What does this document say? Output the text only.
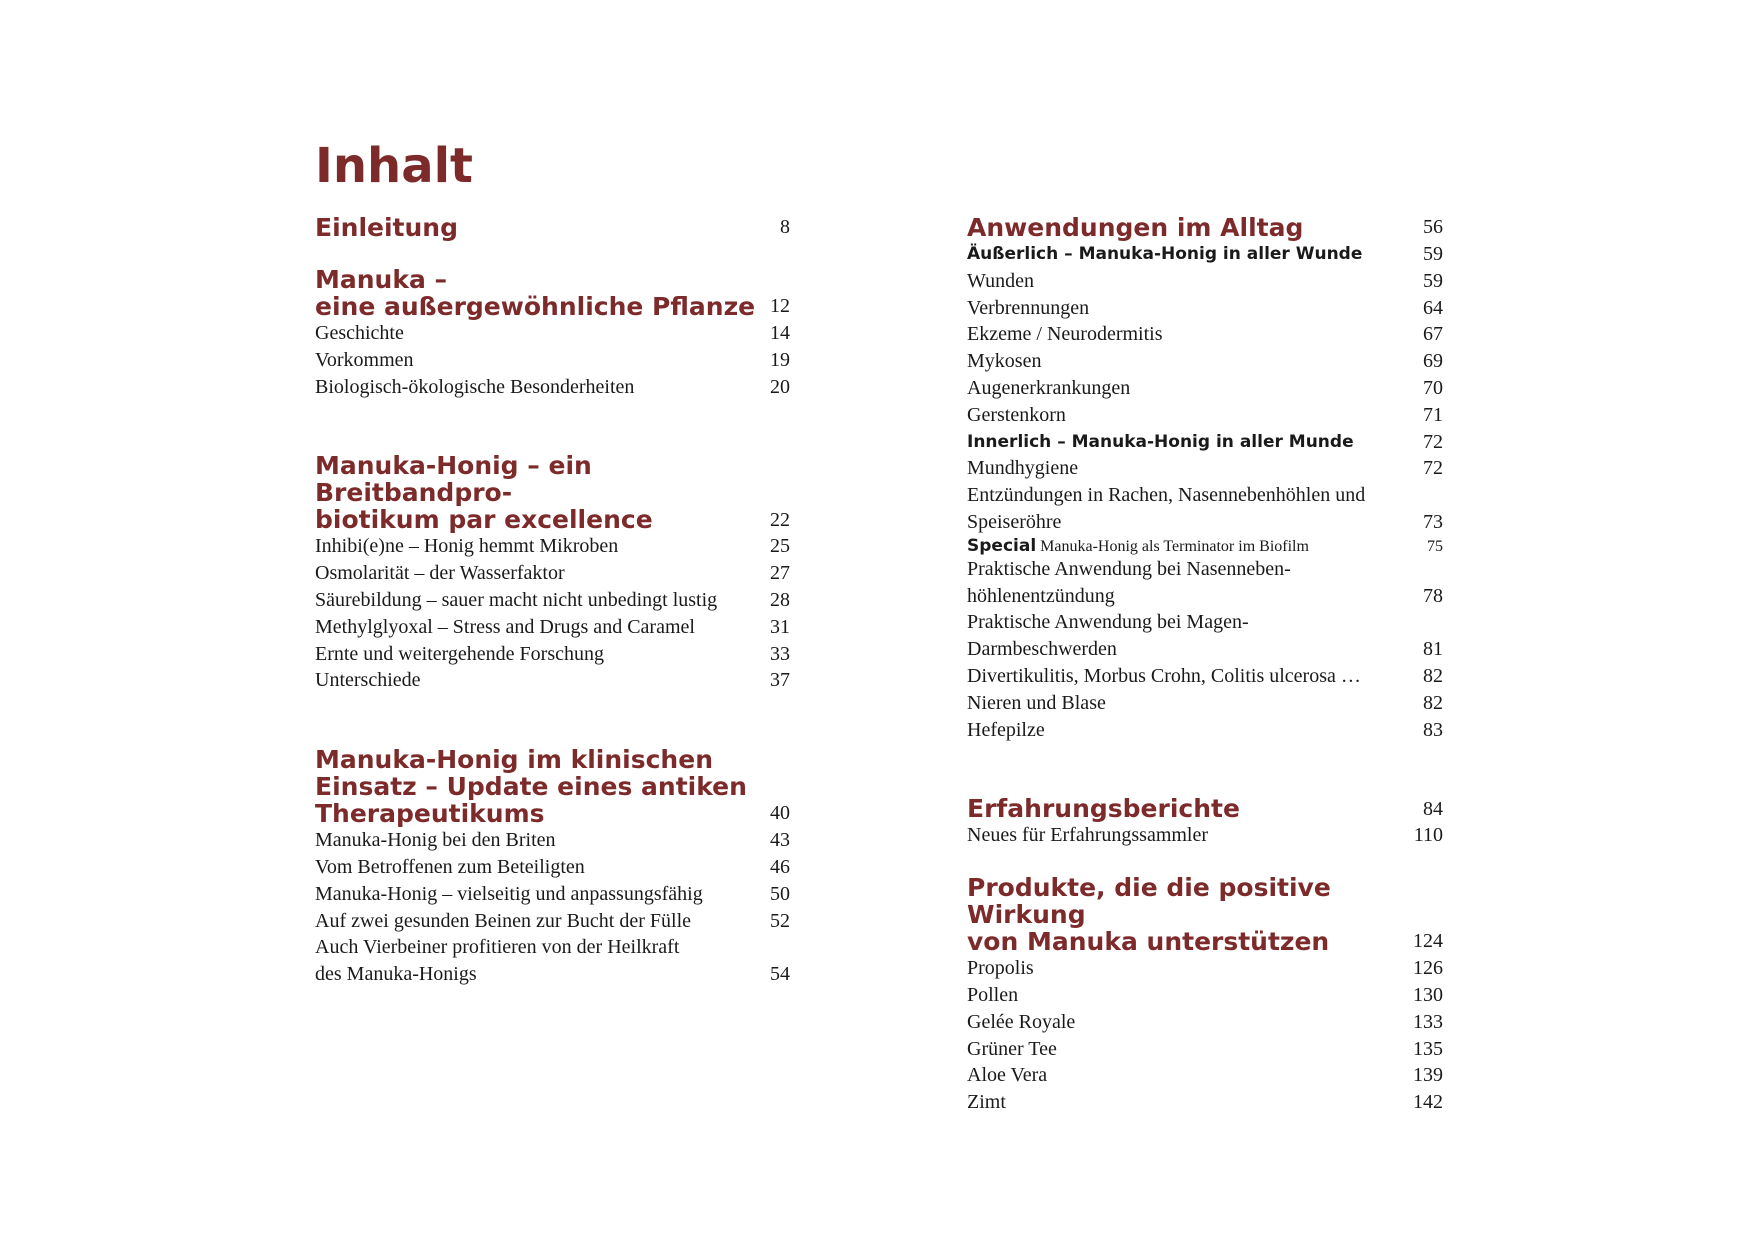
Inhalt
Einleitung	8
Manuka –
eine außergewöhnliche Pflanze 12
Geschichte	14
Vorkommen	19
Biologisch-ökologische Besonderheiten	20
Manuka-Honig – ein Breitbandpro-
biotikum par excellence	22
Inhibi(e)ne – Honig hemmt Mikroben	25
Osmolarität – der Wasserfaktor	27
Säurebildung – sauer macht nicht unbedingt lustig	28
Methylglyoxal – Stress and Drugs and Caramel	31
Ernte und weitergehende Forschung	33
Unterschiede	37
Manuka-Honig im klinischen
Einsatz – Update eines antiken
Therapeutikums	40
Manuka-Honig bei den Briten	43
Vom Betroffenen zum Beteiligten	46
Manuka-Honig – vielseitig und anpassungsfähig	50
Auf zwei gesunden Beinen zur Bucht der Fülle	52
Auch Vierbeiner profitieren von der Heilkraft
des Manuka-Honigs	54
Anwendungen im Alltag	56
Äußerlich – Manuka-Honig in aller Wunde	59
Wunden	59
Verbrennungen	64
Ekzeme / Neurodermitis	67
Mykosen	69
Augenerkrankungen	70
Gerstenkorn	71
Innerlich – Manuka-Honig in aller Munde	72
Mundhygiene	72
Entzündungen in Rachen, Nasennebenhöhlen und
Speiseröhre	73
Special Manuka-Honig als Terminator im Biofilm	75
Praktische Anwendung bei Nasenneben-
höhlenentzündung	78
Praktische Anwendung bei Magen-
Darmbeschwerden	81
Divertikulitis, Morbus Crohn, Colitis ulcerosa …	82
Nieren und Blase	82
Hefepilze	83
Erfahrungsberichte	84
Neues für Erfahrungssammler	110
Produkte, die die positive Wirkung
von Manuka unterstützen	124
Propolis	126
Pollen	130
Gelée Royale	133
Grüner Tee	135
Aloe Vera	139
Zimt	142
